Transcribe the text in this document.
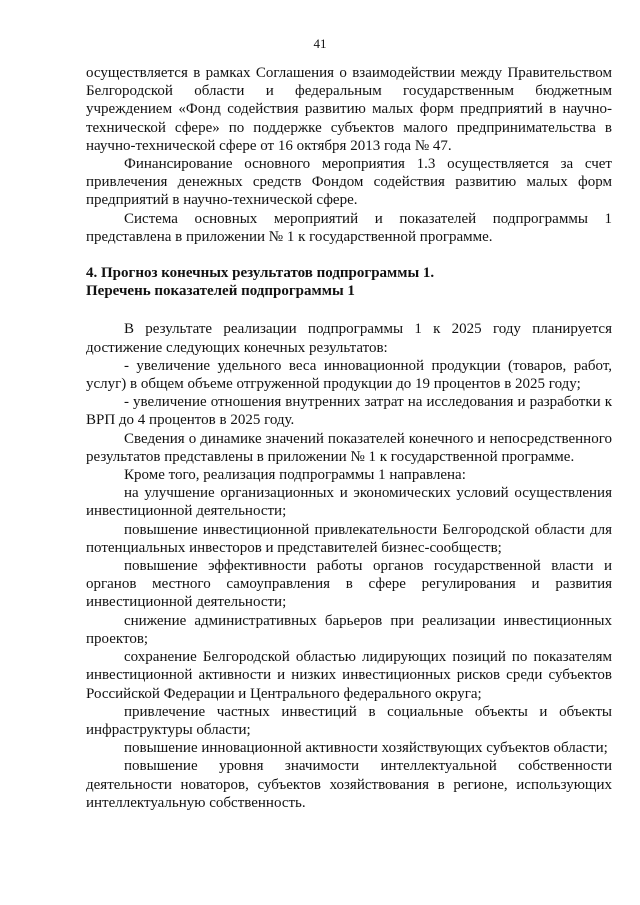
41

осуществляется в рамках Соглашения о взаимодействии между Правительством Белгородской области и федеральным государственным бюджетным учреждением «Фонд содействия развитию малых форм предприятий в научно-технической сфере» по поддержке субъектов малого предпринимательства в научно-технической сфере от 16 октября 2013 года № 47.

Финансирование основного мероприятия 1.3 осуществляется за счет привлечения денежных средств Фондом содействия развитию малых форм предприятий в научно-технической сфере.

Система основных мероприятий и показателей подпрограммы 1 представлена в приложении № 1 к государственной программе.

4. Прогноз конечных результатов подпрограммы 1.
Перечень показателей подпрограммы 1

В результате реализации подпрограммы 1 к 2025 году планируется достижение следующих конечных результатов:

- увеличение удельного веса инновационной продукции (товаров, работ, услуг) в общем объеме отгруженной продукции до 19 процентов в 2025 году;

- увеличение отношения внутренних затрат на исследования и разработки к ВРП до 4 процентов в 2025 году.

Сведения о динамике значений показателей конечного и непосредственного результатов представлены в приложении № 1 к государственной программе.

Кроме того, реализация подпрограммы 1 направлена:

на улучшение организационных и экономических условий осуществления инвестиционной деятельности;

повышение инвестиционной привлекательности Белгородской области для потенциальных инвесторов и представителей бизнес-сообществ;

повышение эффективности работы органов государственной власти и органов местного самоуправления в сфере регулирования и развития инвестиционной деятельности;

снижение административных барьеров при реализации инвестиционных проектов;

сохранение Белгородской областью лидирующих позиций по показателям инвестиционной активности и низких инвестиционных рисков среди субъектов Российской Федерации и Центрального федерального округа;

привлечение частных инвестиций в социальные объекты и объекты инфраструктуры области;

повышение инновационной активности хозяйствующих субъектов области;

повышение уровня значимости интеллектуальной собственности деятельности новаторов, субъектов хозяйствования в регионе, использующих интеллектуальную собственность.
